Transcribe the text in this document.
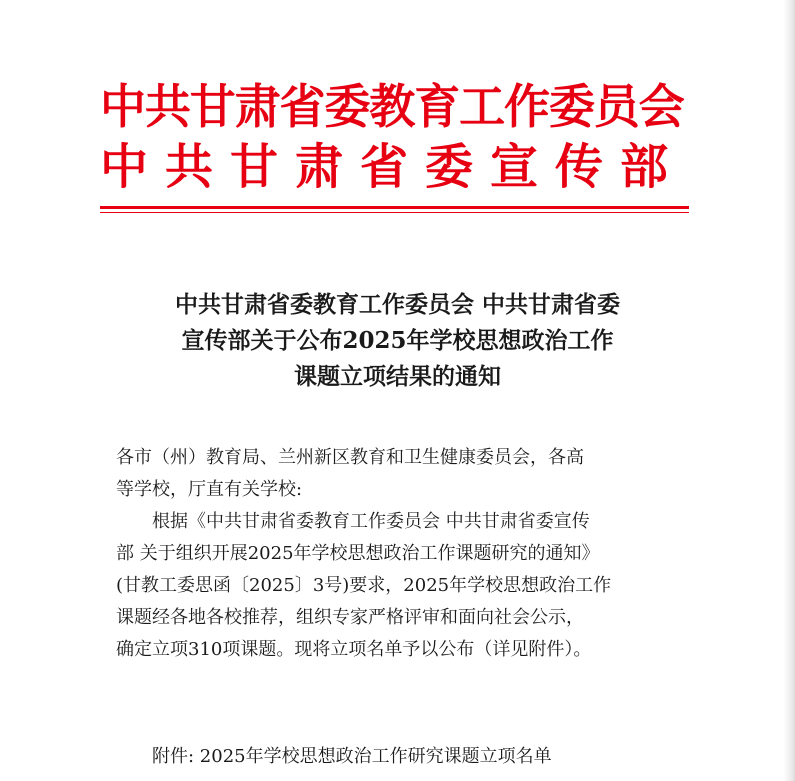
中共甘肃省委教育工作委员会
中共甘肃省委宣传部
中共甘肃省委教育工作委员会 中共甘肃省委
宣传部关于公布2025年学校思想政治工作
课题立项结果的通知
各市（州）教育局、兰州新区教育和卫生健康委员会，各高
等学校，厅直有关学校:
根据《中共甘肃省委教育工作委员会 中共甘肃省委宣传
部 关于组织开展2025年学校思想政治工作课题研究的通知》
(甘教工委思函〔2025〕3号)要求，2025年学校思想政治工作
课题经各地各校推荐，组织专家严格评审和面向社会公示，
确定立项310项课题。现将立项名单予以公布（详见附件）。
附件: 2025年学校思想政治工作研究课题立项名单
